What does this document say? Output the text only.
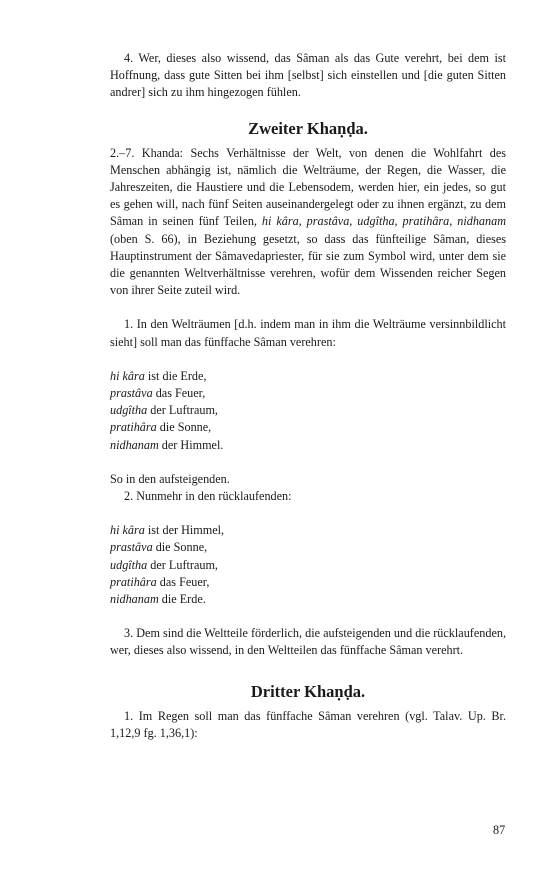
4. Wer, dieses also wissend, das Sâman als das Gute verehrt, bei dem ist Hoffnung, dass gute Sitten bei ihm [selbst] sich einstellen und [die guten Sitten andrer] sich zu ihm hingezogen fühlen.

Zweiter Khaṇḍa.

2.–7. Khanda: Sechs Verhältnisse der Welt, von denen die Wohlfahrt des Menschen abhängig ist, nämlich die Welträume, der Regen, die Wasser, die Jahreszeiten, die Haustiere und die Lebensodem, werden hier, ein jedes, so gut es gehen will, nach fünf Seiten auseinandergelegt oder zu ihnen ergänzt, zu dem Sâman in seinen fünf Teilen, hi kâra, prastâva, udgîtha, pratihâra, nidhanam (oben S. 66), in Beziehung gesetzt, so dass das fünfteilige Sâman, dieses Hauptinstrument der Sâmavedapriester, für sie zum Symbol wird, unter dem sie die genannten Weltverhältnisse verehren, wofür dem Wissenden reicher Segen von ihrer Seite zuteil wird.

1. In den Welträumen [d.h. indem man in ihm die Welträume versinnbildlicht sieht] soll man das fünffache Sâman verehren:

hi kâra ist die Erde,
prastâva das Feuer,
udgîtha der Luftraum,
pratihâra die Sonne,
nidhanam der Himmel.
So in den aufsteigenden.
2. Nunmehr in den rücklaufenden:
hi kâra ist der Himmel,
prastâva die Sonne,
udgîtha der Luftraum,
pratihâra das Feuer,
nidhanam die Erde.

3. Dem sind die Weltteile förderlich, die aufsteigenden und die rücklaufenden, wer, dieses also wissend, in den Weltteilen das fünffache Sâman verehrt.

Dritter Khaṇḍa.

1. Im Regen soll man das fünffache Sâman verehren (vgl. Talav. Up. Br. 1,12,9 fg. 1,36,1):

87
